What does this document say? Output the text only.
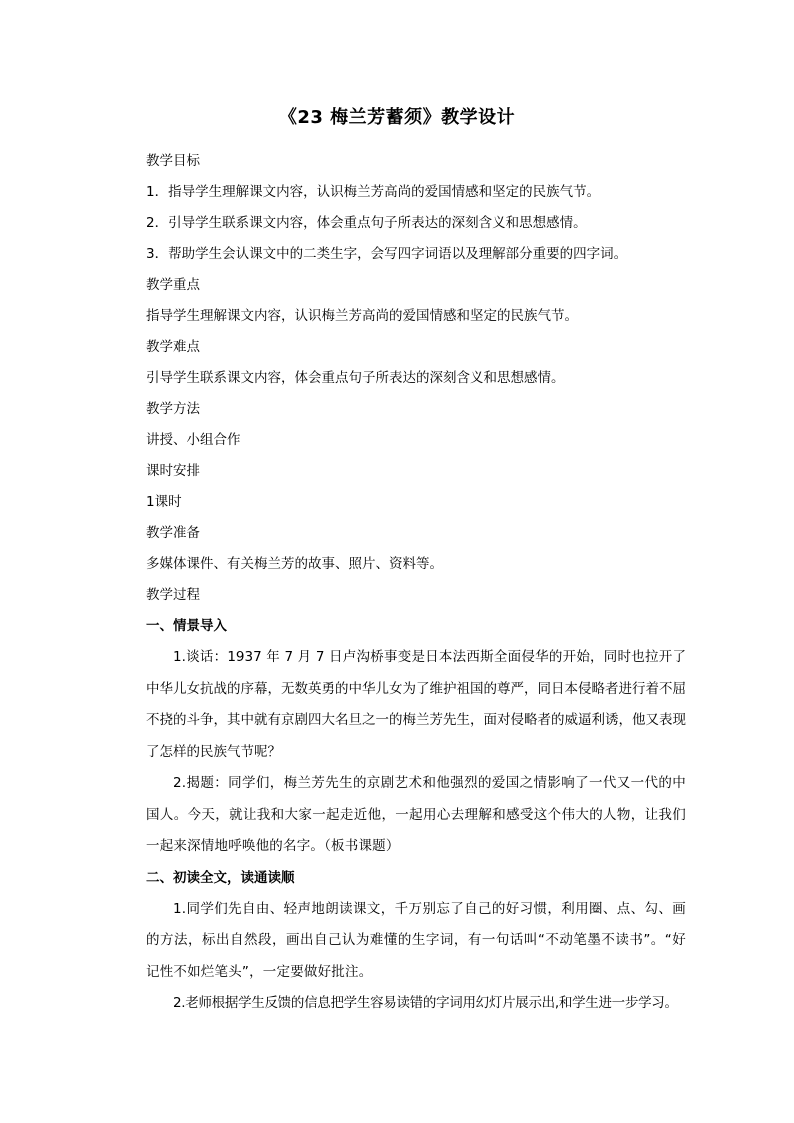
《23 梅兰芳蓄须》教学设计

教学目标

1．指导学生理解课文内容，认识梅兰芳高尚的爱国情感和坚定的民族气节。

2．引导学生联系课文内容，体会重点句子所表达的深刻含义和思想感情。

3．帮助学生会认课文中的二类生字，会写四字词语以及理解部分重要的四字词。

教学重点

指导学生理解课文内容，认识梅兰芳高尚的爱国情感和坚定的民族气节。

教学难点

引导学生联系课文内容，体会重点句子所表达的深刻含义和思想感情。

教学方法

讲授、小组合作

课时安排

1课时

教学准备

多媒体课件、有关梅兰芳的故事、照片、资料等。

教学过程

一、情景导入

1.谈话：1937 年 7 月 7 日卢沟桥事变是日本法西斯全面侵华的开始，同时也拉开了中华儿女抗战的序幕，无数英勇的中华儿女为了维护祖国的尊严，同日本侵略者进行着不屈不挠的斗争，其中就有京剧四大名旦之一的梅兰芳先生，面对侵略者的威逼利诱，他又表现了怎样的民族气节呢？

2.揭题：同学们，梅兰芳先生的京剧艺术和他强烈的爱国之情影响了一代又一代的中国人。今天，就让我和大家一起走近他，一起用心去理解和感受这个伟大的人物，让我们一起来深情地呼唤他的名字。（板书课题）

二、初读全文，读通读顺

1.同学们先自由、轻声地朗读课文，千万别忘了自己的好习惯，利用圈、点、勾、画的方法，标出自然段，画出自己认为难懂的生字词，有一句话叫“不动笔墨不读书”。“好记性不如烂笔头”，一定要做好批注。

2.老师根据学生反馈的信息把学生容易读错的字词用幻灯片展示出,和学生进一步学习。
